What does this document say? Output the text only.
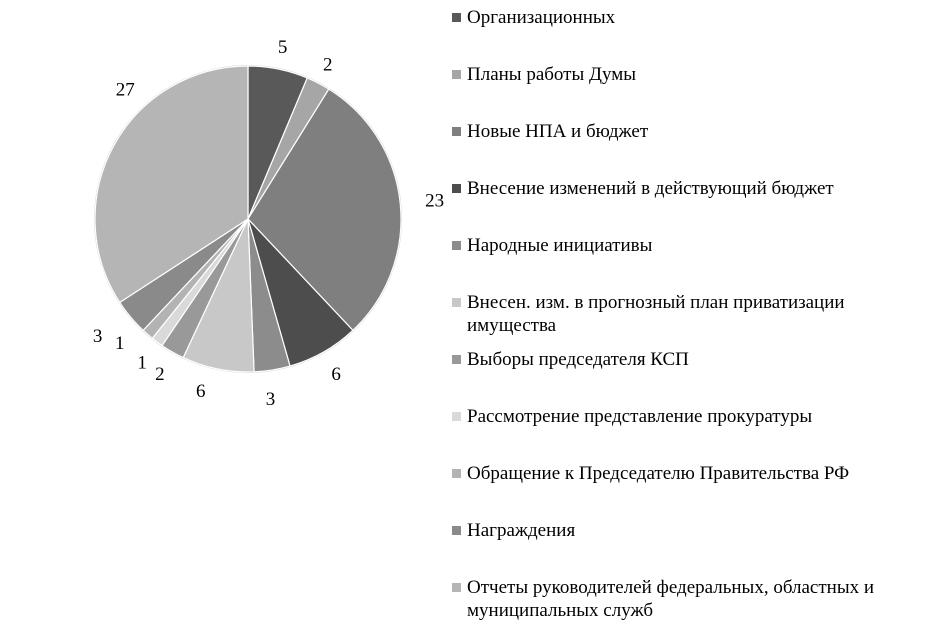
5
2
23
6
3
6
2
1
1
3
27
Организационных
Планы работы Думы
Новые НПА и бюджет
Внесение изменений в действующий бюджет
Народные инициативы
Внесен. изм. в прогнозный план приватизации имущества
Выборы председателя КСП
Рассмотрение представление прокуратуры
Обращение к Председателю Правительства РФ
Награждения
Отчеты руководителей федеральных, областных и муниципальных служб
